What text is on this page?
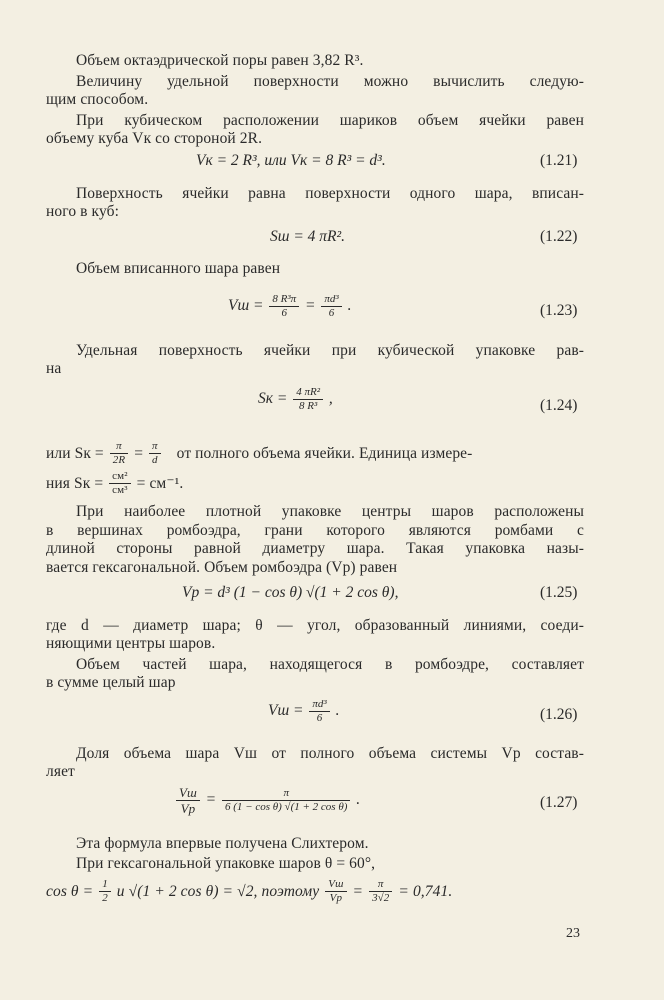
Объем октаэдрической поры равен 3,82 R³.
Величину удельной поверхности можно вычислить следую-
щим способом.
При кубическом расположении шариков объем ячейки равен
объему куба Vк со стороной 2R.
Vк = 2 R³, или Vк = 8 R³ = d³.	(1.21)
Поверхность ячейки равна поверхности одного шара, вписан-
ного в куб:
Sш = 4 πR².	(1.22)
Объем вписанного шара равен
Vш = $\frac{\text{8 R³π}}{6} = \frac{\text{πd³}}{6}$ .	(1.23)
Удельная поверхность ячейки при кубической упаковке рав-
на
Sк = $\frac{\text{4 πR²}}{\text{8 R³}}$ ,	(1.24)
или Sк = $\frac{\pi}{2R} = \frac{\pi}{d}$ от полного объема ячейки. Единица измере-
ния Sк = $\frac{\text{см²}}{\text{см³}} = см^{-1}$.
При наиболее плотной упаковке центры шаров расположены
в вершинах ромбоэдра, грани которого являются ромбами с
длиной стороны равной диаметру шара. Такая упаковка назы-
вается гексагональной. Объем ромбоэдра (Vр) равен
Vр = d³ (1 − cos θ) √(1 + 2 cos θ),	(1.25)
где d — диаметр шара; θ — угол, образованный линиями, соеди-
няющими центры шаров.
Объем частей шара, находящегося в ромбоэдре, составляет
в сумме целый шар
Vш = $\frac{\text{πd³}}{6}$ .	(1.26)
Доля объема шара Vш от полного объема системы Vр состав-
ляет
$\frac{Vш}{Vр} = \frac{\pi}{\text{6 (1 − cos θ) √(1 + 2 cos θ)}}$ .	(1.27)
Эта формула впервые получена Слихтером.
При гексагональной упаковке шаров θ = 60°,
$\cos \theta = \frac{1}{2}$ и √(1 + 2 cos θ) = √2, поэтому $\frac{Vш}{Vр} = \frac{\pi}{3√2} = 0,741$.
23
